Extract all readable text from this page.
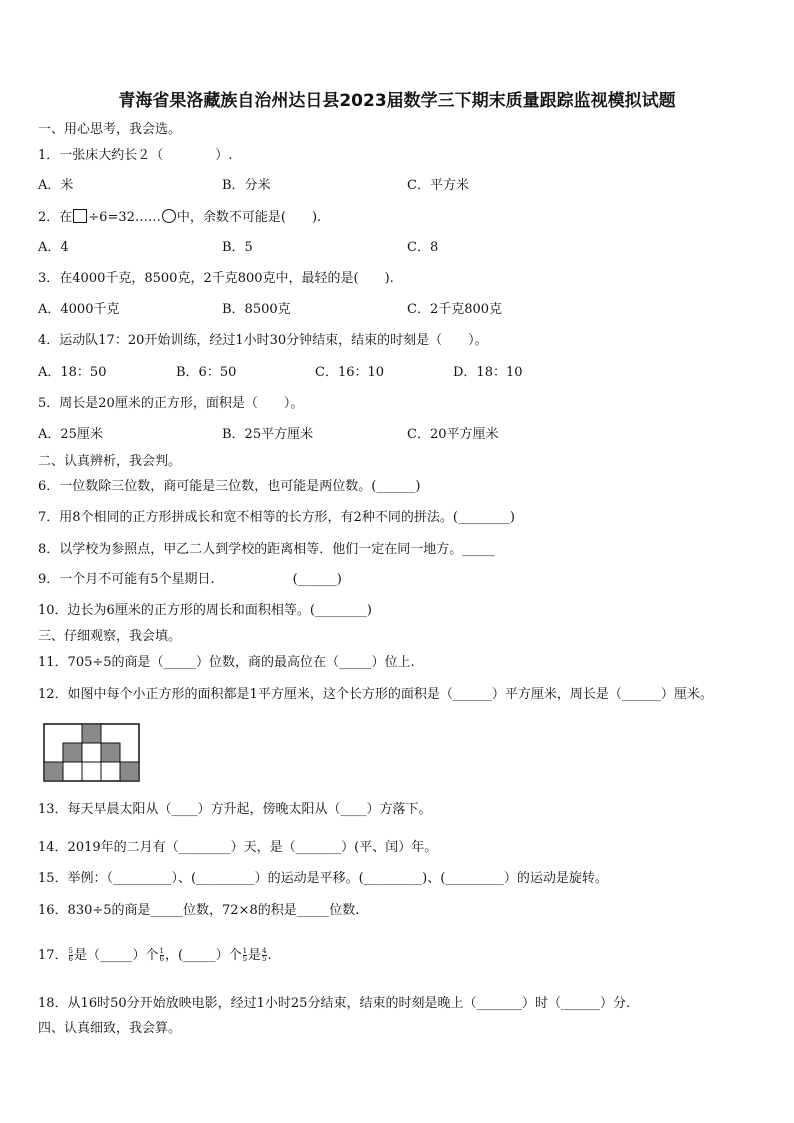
青海省果洛藏族自治州达日县2023届数学三下期末质量跟踪监视模拟试题
一、用心思考，我会选。
1．一张床大约长２（　　　　）.
A．米	B．分米	C．平方米
2．在 ÷6=32…… 中，余数不可能是(　　).
A．4	B．5	C．8
3．在4000千克，8500克，2千克800克中，最轻的是(　　).
A．4000千克	B．8500克	C．2千克800克
4．运动队17：20开始训练，经过1小时30分钟结束，结束的时刻是（　　）。
A．18：50	B．6：50	C．16：10	D．18：10
5．周长是20厘米的正方形，面积是（　　）。
A．25厘米	B．25平方厘米	C．20平方厘米
二、认真辨析，我会判。
6．一位数除三位数，商可能是三位数，也可能是两位数。(______)
7．用8个相同的正方形拼成长和宽不相等的长方形，有2种不同的拼法。(________)
8．以学校为参照点，甲乙二人到学校的距离相等．他们一定在同一地方。_____
9．一个月不可能有5个星期日.　　　　　　(______)
10．边长为6厘米的正方形的周长和面积相等。(________)
三、仔细观察，我会填。
11．705÷5的商是（_____）位数，商的最高位在（_____）位上.
12．如图中每个小正方形的面积都是1平方厘米，这个长方形的面积是（______）平方厘米，周长是（______）厘米。
13．每天早晨太阳从（____）方升起，傍晚太阳从（____）方落下。
14．2019年的二月有（________）天，是（_______）(平、闰）年。
15．举例：（_________）、(_________）的运动是平移。(_________)、(_________）的运动是旋转。
16．830÷5的商是_____位数，72×8的积是_____位数.
17． $\frac{5}{6}$ 是（_____）个 $\frac{1}{6}$ ，(_____）个 $\frac{1}{5}$ 是 $\frac{4}{5}$ .
18．从16时50分开始放映电影，经过1小时25分结束，结束的时刻是晚上（_______）时（______）分.
四、认真细致，我会算。
